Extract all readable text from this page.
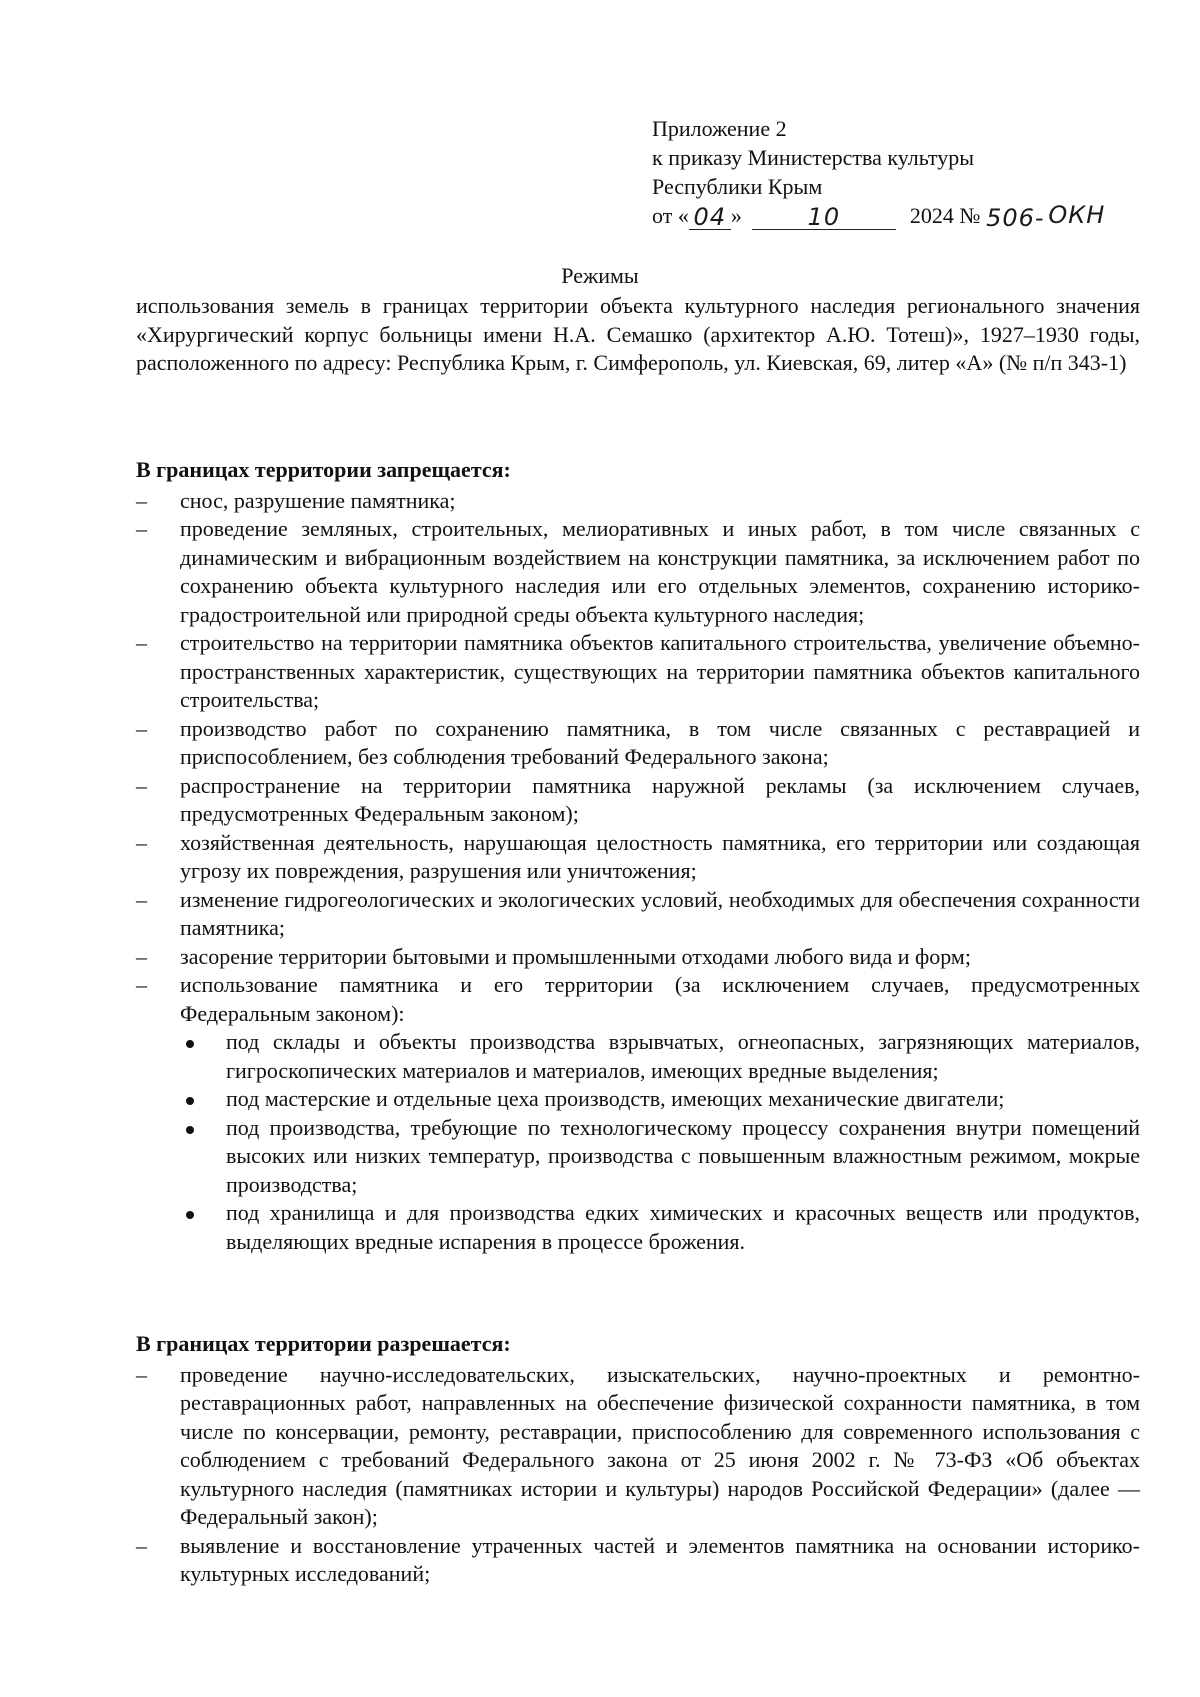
Приложение 2
к приказу Министерства культуры
Республики Крым
от « 04 »	10	2024 № 506- ОКН
Режимы
использования земель в границах территории объекта культурного наследия регионального значения «Хирургический корпус больницы имени Н.А. Семашко (архитектор А.Ю. Тотеш)», 1927–1930 годы, расположенного по адресу: Республика Крым, г. Симферополь, ул. Киевская, 69, литер «А» (№ п/п 343-1)
В границах территории запрещается:
– снос, разрушение памятника;
– проведение земляных, строительных, мелиоративных и иных работ, в том числе связанных с динамическим и вибрационным воздействием на конструкции памятника, за исключением работ по сохранению объекта культурного наследия или его отдельных элементов, сохранению историко-градостроительной или природной среды объекта культурного наследия;
– строительство на территории памятника объектов капитального строительства, увеличение объемно-пространственных характеристик, существующих на территории памятника объектов капитального строительства;
– производство работ по сохранению памятника, в том числе связанных с реставрацией и приспособлением, без соблюдения требований Федерального закона;
– распространение на территории памятника наружной рекламы (за исключением случаев, предусмотренных Федеральным законом);
– хозяйственная деятельность, нарушающая целостность памятника, его территории или создающая угрозу их повреждения, разрушения или уничтожения;
– изменение гидрогеологических и экологических условий, необходимых для обеспечения сохранности памятника;
– засорение территории бытовыми и промышленными отходами любого вида и форм;
– использование памятника и его территории (за исключением случаев, предусмотренных Федеральным законом):
под склады и объекты производства взрывчатых, огнеопасных, загрязняющих материалов, гигроскопических материалов и материалов, имеющих вредные выделения;
под мастерские и отдельные цеха производств, имеющих механические двигатели;
под производства, требующие по технологическому процессу сохранения внутри помещений высоких или низких температур, производства с повышенным влажностным режимом, мокрые производства;
под хранилища и для производства едких химических и красочных веществ или продуктов, выделяющих вредные испарения в процессе брожения.
В границах территории разрешается:
– проведение научно-исследовательских, изыскательских, научно-проектных и ремонтно-реставрационных работ, направленных на обеспечение физической сохранности памятника, в том числе по консервации, ремонту, реставрации, приспособлению для современного использования с соблюдением с требований Федерального закона от 25 июня 2002 г. № 73-ФЗ «Об объектах культурного наследия (памятниках истории и культуры) народов Российской Федерации» (далее — Федеральный закон);
– выявление и восстановление утраченных частей и элементов памятника на основании историко-культурных исследований;
